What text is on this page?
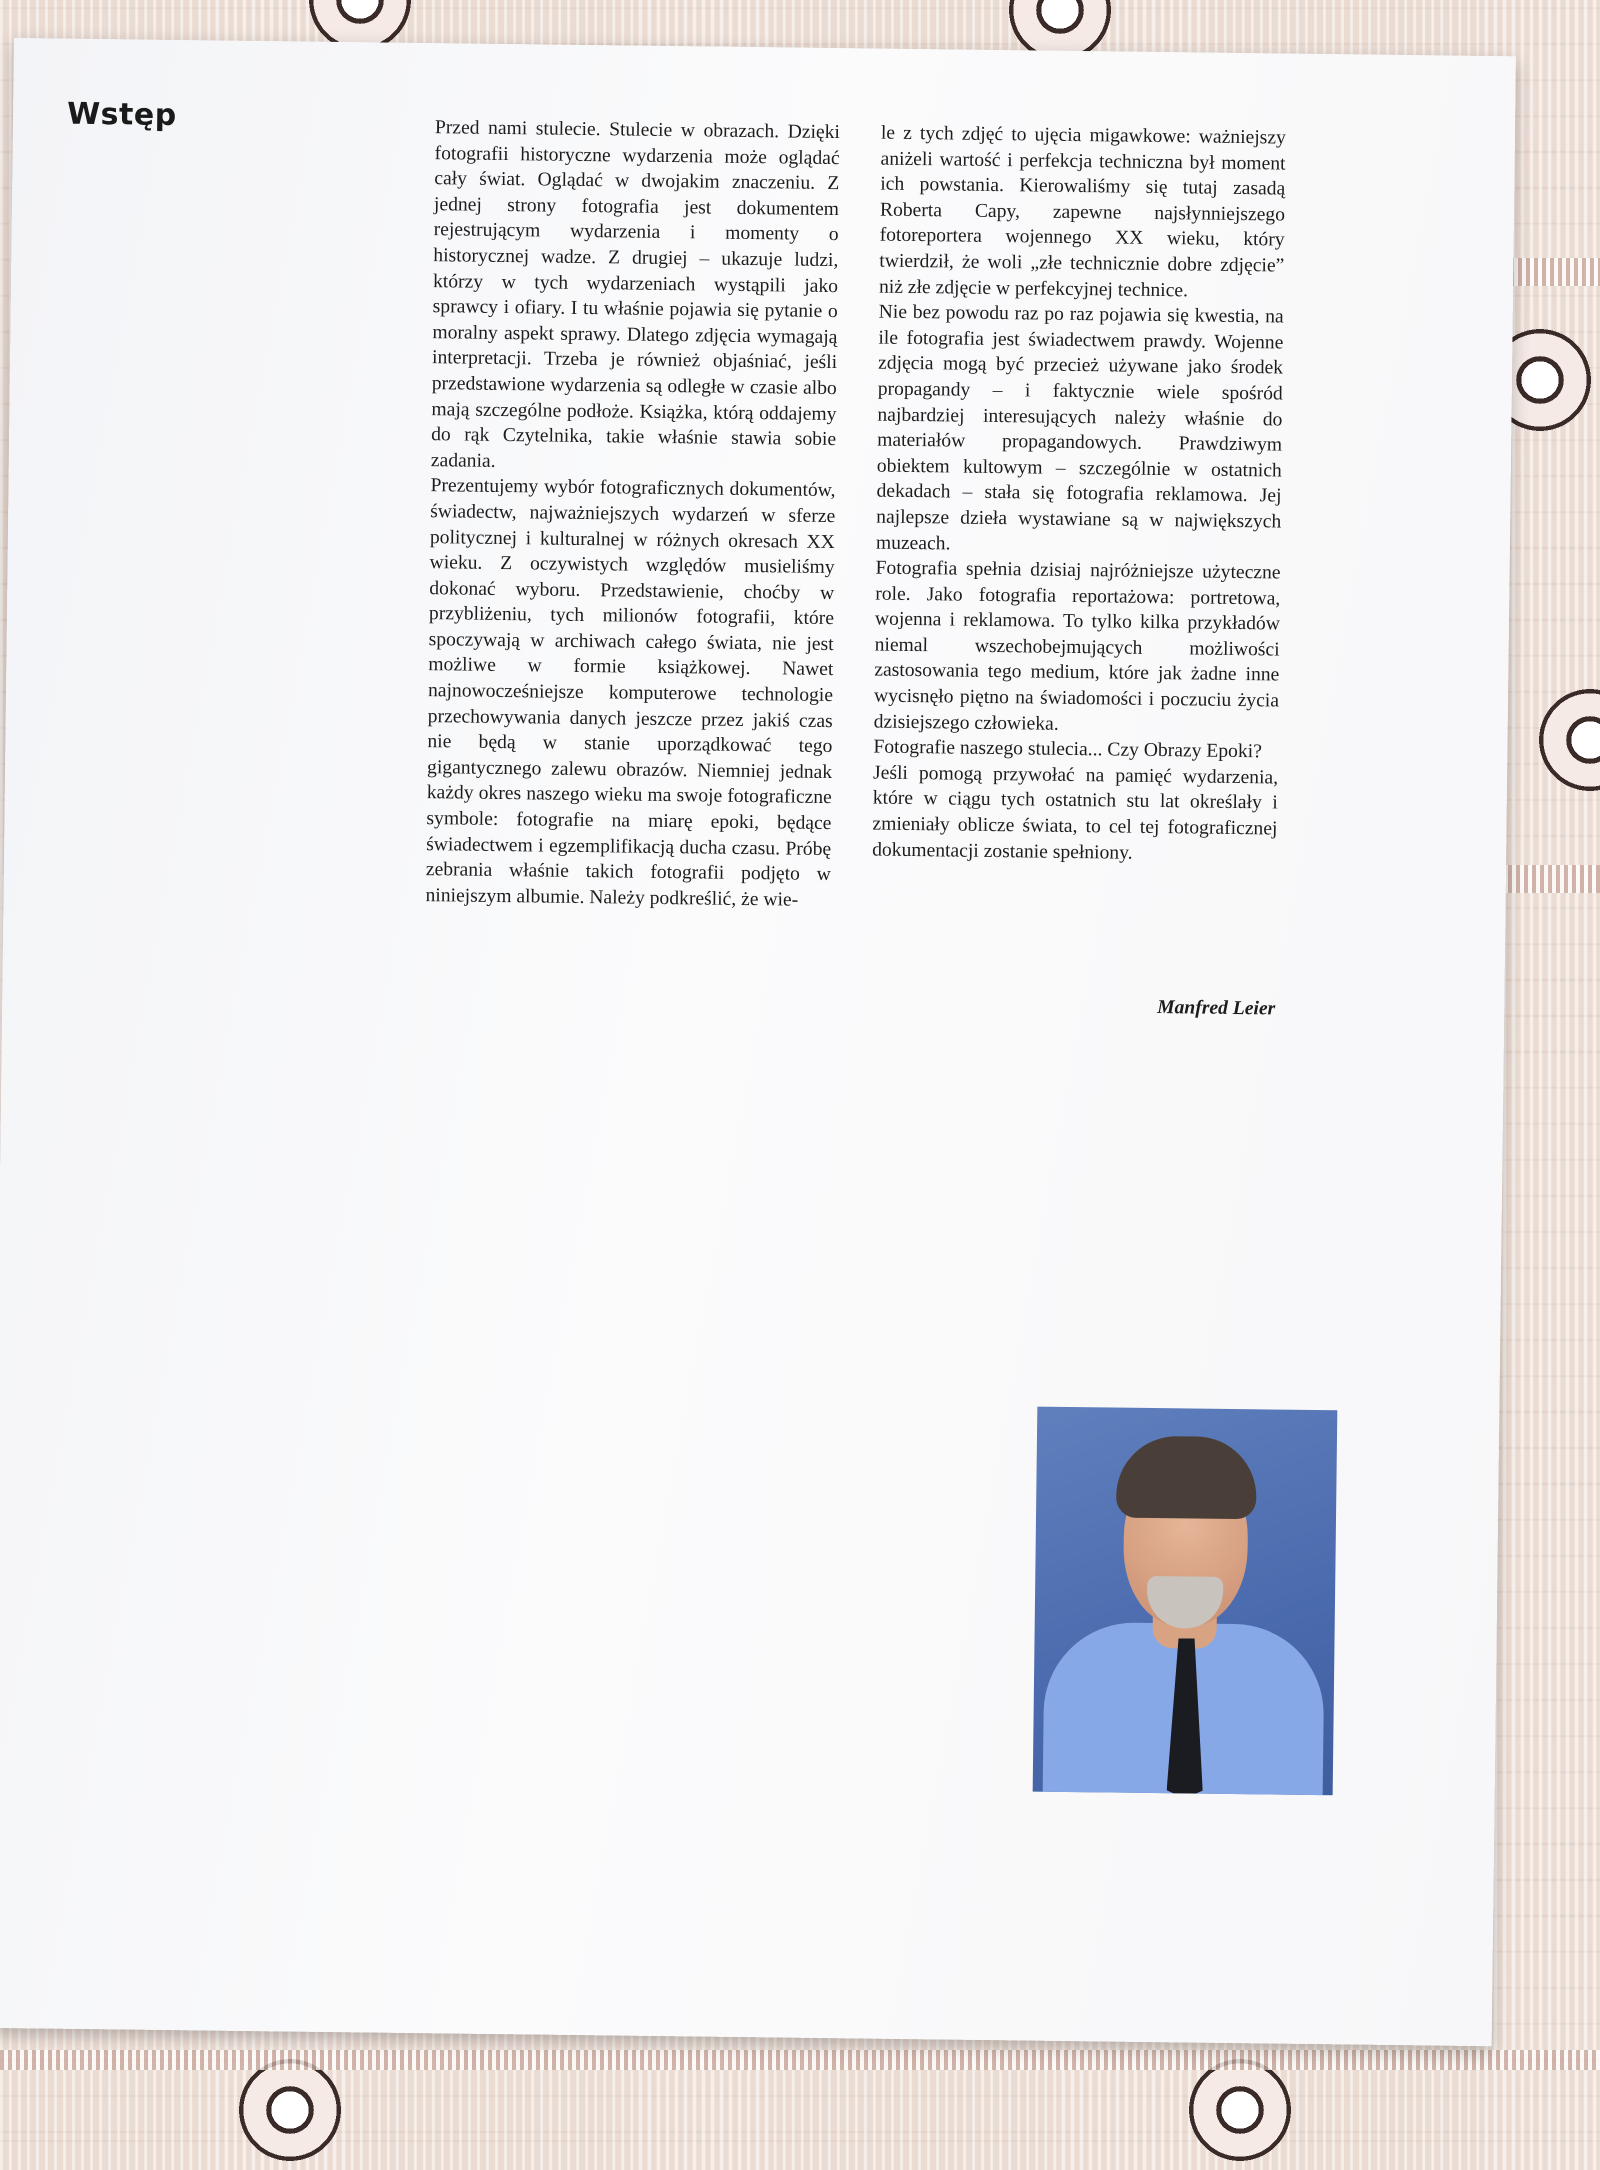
Wstęp	Przed nami stulecie. Stulecie w obrazach. Dzięki fotografii historyczne wydarzenia może oglądać cały świat. Oglądać w dwojakim znaczeniu. Z jednej strony fotografia jest dokumentem rejestrującym wydarzenia i momenty o historycznej wadze. Z drugiej – ukazuje ludzi, którzy w tych wydarzeniach wystąpili jako sprawcy i ofiary. I tu właśnie pojawia się pytanie o moralny aspekt sprawy. Dlatego zdjęcia wymagają interpretacji. Trzeba je również objaśniać, jeśli przedstawione wydarzenia są odległe w czasie albo mają szczególne podłoże. Książka, którą oddajemy do rąk Czytelnika, takie właśnie stawia sobie zadania.

Prezentujemy wybór fotograficznych dokumentów, świadectw, najważniejszych wydarzeń w sferze politycznej i kulturalnej w różnych okresach XX wieku. Z oczywistych względów musieliśmy dokonać wyboru. Przedstawienie, choćby w przybliżeniu, tych milionów fotografii, które spoczywają w archiwach całego świata, nie jest możliwe w formie książkowej. Nawet najnowocześniejsze komputerowe technologie przechowywania danych jeszcze przez jakiś czas nie będą w stanie uporządkować tego gigantycznego zalewu obrazów. Niemniej jednak każdy okres naszego wieku ma swoje fotograficzne symbole: fotografie na miarę epoki, będące świadectwem i egzemplifikacją ducha czasu. Próbę zebrania właśnie takich fotografii podjęto w niniejszym albumie. Należy podkreślić, że wie-

le z tych zdjęć to ujęcia migawkowe: ważniejszy aniżeli wartość i perfekcja techniczna był moment ich powstania. Kierowaliśmy się tutaj zasadą Roberta Capy, zapewne najsłynniejszego fotoreportera wojennego XX wieku, który twierdził, że woli „złe technicznie dobre zdjęcie” niż złe zdjęcie w perfekcyjnej technice.

Nie bez powodu raz po raz pojawia się kwestia, na ile fotografia jest świadectwem prawdy. Wojenne zdjęcia mogą być przecież używane jako środek propagandy – i faktycznie wiele spośród najbardziej interesujących należy właśnie do materiałów propagandowych. Prawdziwym obiektem kultowym – szczególnie w ostatnich dekadach – stała się fotografia reklamowa. Jej najlepsze dzieła wystawiane są w największych muzeach.

Fotografia spełnia dzisiaj najróżniejsze użyteczne role. Jako fotografia reportażowa: portretowa, wojenna i reklamowa. To tylko kilka przykładów niemal wszechobejmujących możliwości zastosowania tego medium, które jak żadne inne wycisnęło piętno na świadomości i poczuciu życia dzisiejszego człowieka.

Fotografie naszego stulecia... Czy Obrazy Epoki?

Jeśli pomogą przywołać na pamięć wydarzenia, które w ciągu tych ostatnich stu lat określały i zmieniały oblicze świata, to cel tej fotograficznej dokumentacji zostanie spełniony.

Manfred Leier
